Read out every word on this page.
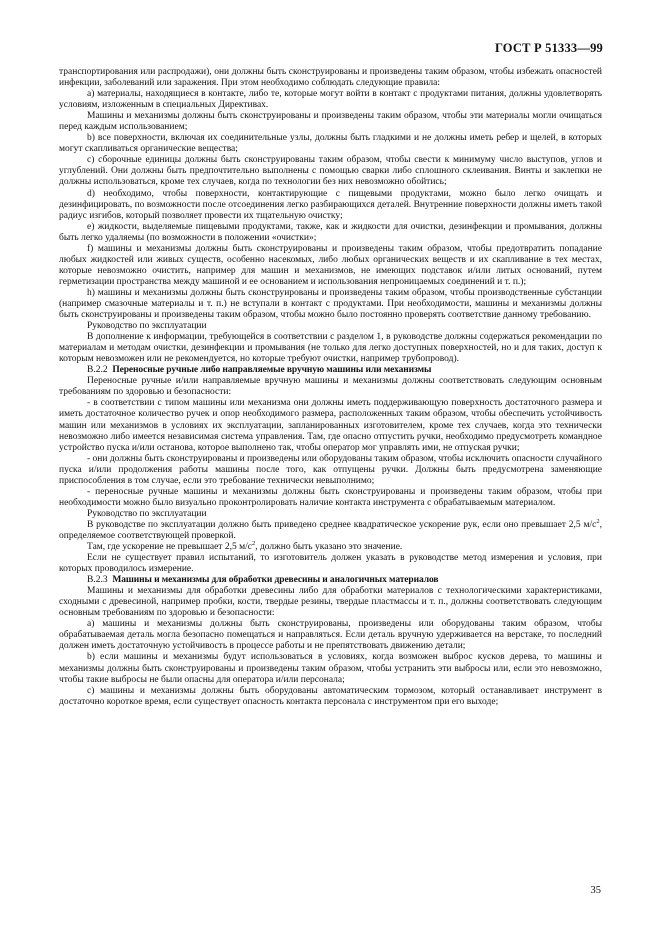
ГОСТ Р 51333—99

транспортирования или распродажи), они должны быть сконструированы и произведены таким образом, чтобы избежать опасностей инфекции, заболеваний или заражения. При этом необходимо соблюдать следующие правила:

a) материалы, находящиеся в контакте, либо те, которые могут войти в контакт с продуктами питания, должны удовлетворять условиям, изложенным в специальных Директивах.

Машины и механизмы должны быть сконструированы и произведены таким образом, чтобы эти материалы могли очищаться перед каждым использованием;

b) все поверхности, включая их соединительные узлы, должны быть гладкими и не должны иметь ребер и щелей, в которых могут скапливаться органические вещества;

c) сборочные единицы должны быть сконструированы таким образом, чтобы свести к минимуму число выступов, углов и углублений. Они должны быть предпочтительно выполнены с помощью сварки либо сплошного склеивания. Винты и заклепки не должны использоваться, кроме тех случаев, когда по технологии без них невозможно обойтись;

d) необходимо, чтобы поверхности, контактирующие с пищевыми продуктами, можно было легко очищать и дезинфицировать, по возможности после отсоединения легко разбирающихся деталей. Внутренние поверхности должны иметь такой радиус изгибов, который позволяет провести их тщательную очистку;

e) жидкости, выделяемые пищевыми продуктами, также, как и жидкости для очистки, дезинфекции и промывания, должны быть легко удаляемы (по возможности в положении «очистки»;

f) машины и механизмы должны быть сконструированы и произведены таким образом, чтобы предотвратить попадание любых жидкостей или живых существ, особенно насекомых, либо любых органических веществ и их скапливание в тех местах, которые невозможно очистить, например для машин и механизмов, не имеющих подставок и/или литых оснований, путем герметизации пространства между машиной и ее основанием и использования непроницаемых соединений и т. п.);

h) машины и механизмы должны быть сконструированы и произведены таким образом, чтобы производственные субстанции (например смазочные материалы и т. п.) не вступали в контакт с продуктами. При необходимости, машины и механизмы должны быть сконструированы и произведены таким образом, чтобы можно было постоянно проверять соответствие данному требованию.

Руководство по эксплуатации

В дополнение к информации, требующейся в соответствии с разделом 1, в руководстве должны содержаться рекомендации по материалам и методам очистки, дезинфекции и промывания (не только для легко доступных поверхностей, но и для таких, доступ к которым невозможен или не рекомендуется, но которые требуют очистки, например трубопровод).

B.2.2 Переносные ручные либо направляемые вручную машины или механизмы

Переносные ручные и/или направляемые вручную машины и механизмы должны соответствовать следующим основным требованиям по здоровью и безопасности:

- в соответствии с типом машины или механизма они должны иметь поддерживающую поверхность достаточного размера и иметь достаточное количество ручек и опор необходимого размера, расположенных таким образом, чтобы обеспечить устойчивость машин или механизмов в условиях их эксплуатации, запланированных изготовителем, кроме тех случаев, когда это технически невозможно либо имеется независимая система управления. Там, где опасно отпустить ручки, необходимо предусмотреть командное устройство пуска и/или останова, которое выполнено так, чтобы оператор мог управлять ими, не отпуская ручки;

- они должны быть сконструированы и произведены или оборудованы таким образом, чтобы исключить опасности случайного пуска и/или продолжения работы машины после того, как отпущены ручки. Должны быть предусмотрена заменяющие приспособления в том случае, если это требование технически невыполнимо;

- переносные ручные машины и механизмы должны быть сконструированы и произведены таким образом, чтобы при необходимости можно было визуально проконтролировать наличие контакта инструмента с обрабатываемым материалом.

Руководство по эксплуатации

В руководстве по эксплуатации должно быть приведено среднее квадратическое ускорение рук, если оно превышает 2,5 $м/с^2$, определяемое соответствующей проверкой.

Там, где ускорение не превышает 2,5 $м/с^2$, должно быть указано это значение.

Если не существует правил испытаний, то изготовитель должен указать в руководстве метод измерения и условия, при которых проводилось измерение.

B.2.3 Машины и механизмы для обработки древесины и аналогичных материалов

Машины и механизмы для обработки древесины либо для обработки материалов с технологическими характеристиками, сходными с древесиной, например пробки, кости, твердые резины, твердые пластмассы и т. п., должны соответствовать следующим основным требованиям по здоровью и безопасности:

a) машины и механизмы должны быть сконструированы, произведены или оборудованы таким образом, чтобы обрабатываемая деталь могла безопасно помещаться и направляться. Если деталь вручную удерживается на верстаке, то последний должен иметь достаточную устойчивость в процессе работы и не препятствовать движению детали;

b) если машины и механизмы будут использоваться в условиях, когда возможен выброс кусков дерева, то машины и механизмы должны быть сконструированы и произведены таким образом, чтобы устранить эти выбросы или, если это невозможно, чтобы такие выбросы не были опасны для оператора и/или персонала;

c) машины и механизмы должны быть оборудованы автоматическим тормозом, который останавливает инструмент в достаточно короткое время, если существует опасность контакта персонала с инструментом при его выходе;

35
